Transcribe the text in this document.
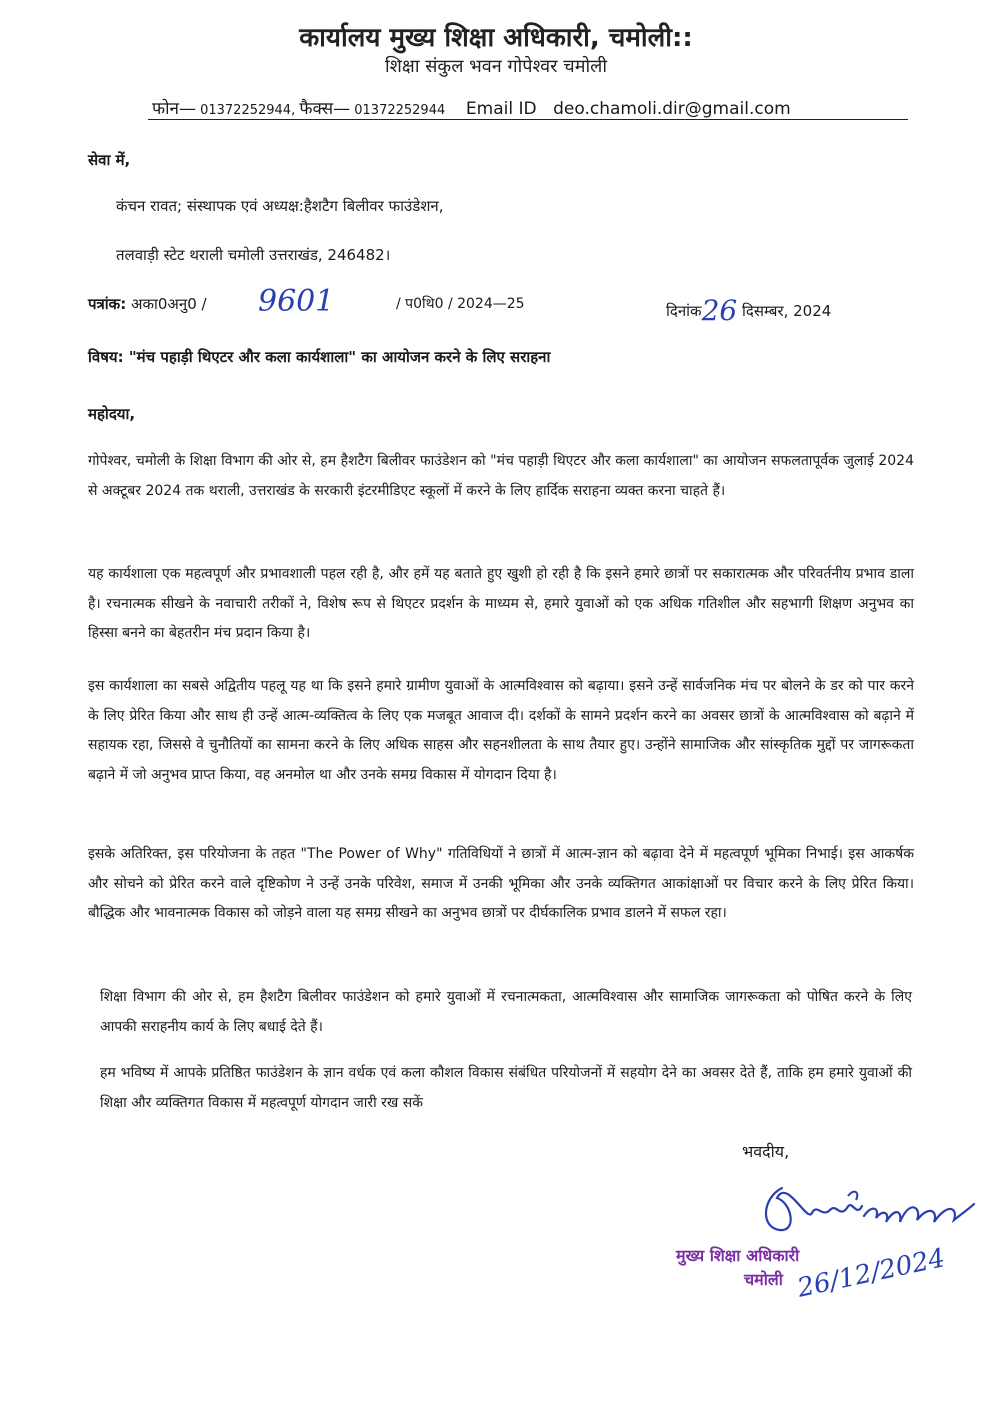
कार्यालय मुख्य शिक्षा अधिकारी, चमोली::
शिक्षा संकुल भवन गोपेश्वर चमोली
फोन— 01372252944, फैक्स— 01372252944 Email ID deo.chamoli.dir@gmail.com
सेवा में,
कंचन रावत; संस्थापक एवं अध्यक्ष:हैशटैग बिलीवर फाउंडेशन,
तलवाड़ी स्टेट थराली चमोली उत्तराखंड, 246482।
पत्रांक: अका0अनु0 / 9601	/ प0थि0 / 2024—25	दिनांक26 दिसम्बर, 2024
विषय: "मंच पहाड़ी थिएटर और कला कार्यशाला" का आयोजन करने के लिए सराहना
महोदया,
गोपेश्वर, चमोली के शिक्षा विभाग की ओर से, हम हैशटैग बिलीवर फाउंडेशन को "मंच पहाड़ी थिएटर और कला कार्यशाला" का आयोजन सफलतापूर्वक जुलाई 2024 से अक्टूबर 2024 तक थराली, उत्तराखंड के सरकारी इंटरमीडिएट स्कूलों में करने के लिए हार्दिक सराहना व्यक्त करना चाहते हैं।
यह कार्यशाला एक महत्वपूर्ण और प्रभावशाली पहल रही है, और हमें यह बताते हुए खुशी हो रही है कि इसने हमारे छात्रों पर सकारात्मक और परिवर्तनीय प्रभाव डाला है। रचनात्मक सीखने के नवाचारी तरीकों ने, विशेष रूप से थिएटर प्रदर्शन के माध्यम से, हमारे युवाओं को एक अधिक गतिशील और सहभागी शिक्षण अनुभव का हिस्सा बनने का बेहतरीन मंच प्रदान किया है।
इस कार्यशाला का सबसे अद्वितीय पहलू यह था कि इसने हमारे ग्रामीण युवाओं के आत्मविश्वास को बढ़ाया। इसने उन्हें सार्वजनिक मंच पर बोलने के डर को पार करने के लिए प्रेरित किया और साथ ही उन्हें आत्म-व्यक्तित्व के लिए एक मजबूत आवाज दी। दर्शकों के सामने प्रदर्शन करने का अवसर छात्रों के आत्मविश्वास को बढ़ाने में सहायक रहा, जिससे वे चुनौतियों का सामना करने के लिए अधिक साहस और सहनशीलता के साथ तैयार हुए। उन्होंने सामाजिक और सांस्कृतिक मुद्दों पर जागरूकता बढ़ाने में जो अनुभव प्राप्त किया, वह अनमोल था और उनके समग्र विकास में योगदान दिया है।
इसके अतिरिक्त, इस परियोजना के तहत "The Power of Why" गतिविधियों ने छात्रों में आत्म-ज्ञान को बढ़ावा देने में महत्वपूर्ण भूमिका निभाई। इस आकर्षक और सोचने को प्रेरित करने वाले दृष्टिकोण ने उन्हें उनके परिवेश, समाज में उनकी भूमिका और उनके व्यक्तिगत आकांक्षाओं पर विचार करने के लिए प्रेरित किया। बौद्धिक और भावनात्मक विकास को जोड़ने वाला यह समग्र सीखने का अनुभव छात्रों पर दीर्घकालिक प्रभाव डालने में सफल रहा।
शिक्षा विभाग की ओर से, हम हैशटैग बिलीवर फाउंडेशन को हमारे युवाओं में रचनात्मकता, आत्मविश्वास और सामाजिक जागरूकता को पोषित करने के लिए आपकी सराहनीय कार्य के लिए बधाई देते हैं।
हम भविष्य में आपके प्रतिष्ठित फाउंडेशन के ज्ञान वर्धक एवं कला कौशल विकास संबंधित परियोजनों में सहयोग देने का अवसर देते हैं, ताकि हम हमारे युवाओं की शिक्षा और व्यक्तिगत विकास में महत्वपूर्ण योगदान जारी रख सकें
भवदीय,
मुख्य शिक्षा अधिकारी
चमोली 26/12/2024
